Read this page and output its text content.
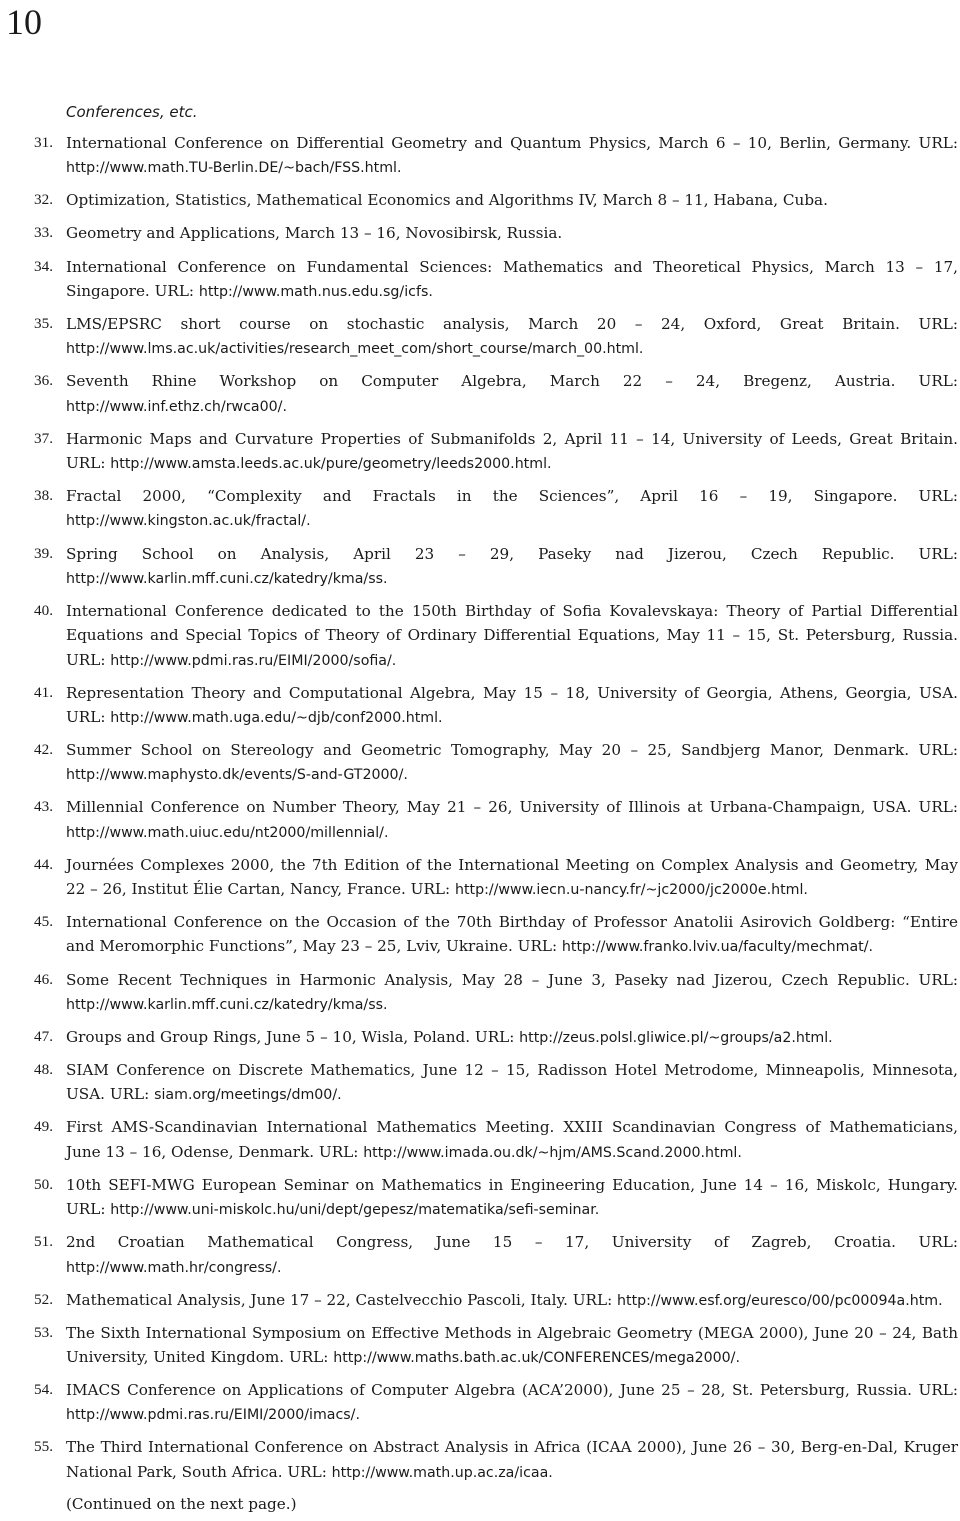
10
Conferences, etc.
31. International Conference on Differential Geometry and Quantum Physics, March 6 – 10, Berlin, Germany. URL: http://www.math.TU-Berlin.DE/~bach/FSS.html.
32. Optimization, Statistics, Mathematical Economics and Algorithms IV, March 8 – 11, Habana, Cuba.
33. Geometry and Applications, March 13 – 16, Novosibirsk, Russia.
34. International Conference on Fundamental Sciences: Mathematics and Theoretical Physics, March 13 – 17, Singapore. URL: http://www.math.nus.edu.sg/icfs.
35. LMS/EPSRC short course on stochastic analysis, March 20 – 24, Oxford, Great Britain. URL: http://www.lms.ac.uk/activities/research_meet_com/short_course/march_00.html.
36. Seventh Rhine Workshop on Computer Algebra, March 22 – 24, Bregenz, Austria. URL: http://www.inf.ethz.ch/rwca00/.
37. Harmonic Maps and Curvature Properties of Submanifolds 2, April 11 – 14, University of Leeds, Great Britain. URL: http://www.amsta.leeds.ac.uk/pure/geometry/leeds2000.html.
38. Fractal 2000, “Complexity and Fractals in the Sciences”, April 16 – 19, Singapore. URL: http://www.kingston.ac.uk/fractal/.
39. Spring School on Analysis, April 23 – 29, Paseky nad Jizerou, Czech Republic. URL: http://www.karlin.mff.cuni.cz/katedry/kma/ss.
40. International Conference dedicated to the 150th Birthday of Sofia Kovalevskaya: Theory of Partial Differential Equations and Special Topics of Theory of Ordinary Differential Equations, May 11 – 15, St. Petersburg, Russia. URL: http://www.pdmi.ras.ru/EIMI/2000/sofia/.
41. Representation Theory and Computational Algebra, May 15 – 18, University of Georgia, Athens, Georgia, USA. URL: http://www.math.uga.edu/~djb/conf2000.html.
42. Summer School on Stereology and Geometric Tomography, May 20 – 25, Sandbjerg Manor, Denmark. URL: http://www.maphysto.dk/events/S-and-GT2000/.
43. Millennial Conference on Number Theory, May 21 – 26, University of Illinois at Urbana-Champaign, USA. URL: http://www.math.uiuc.edu/nt2000/millennial/.
44. Journées Complexes 2000, the 7th Edition of the International Meeting on Complex Analysis and Geometry, May 22 – 26, Institut Élie Cartan, Nancy, France. URL: http://www.iecn.u-nancy.fr/~jc2000/jc2000e.html.
45. International Conference on the Occasion of the 70th Birthday of Professor Anatolii Asirovich Goldberg: “Entire and Meromorphic Functions”, May 23 – 25, Lviv, Ukraine. URL: http://www.franko.lviv.ua/faculty/mechmat/.
46. Some Recent Techniques in Harmonic Analysis, May 28 – June 3, Paseky nad Jizerou, Czech Republic. URL: http://www.karlin.mff.cuni.cz/katedry/kma/ss.
47. Groups and Group Rings, June 5 – 10, Wisla, Poland. URL: http://zeus.polsl.gliwice.pl/~groups/a2.html.
48. SIAM Conference on Discrete Mathematics, June 12 – 15, Radisson Hotel Metrodome, Minneapolis, Minnesota, USA. URL: siam.org/meetings/dm00/.
49. First AMS-Scandinavian International Mathematics Meeting. XXIII Scandinavian Congress of Mathematicians, June 13 – 16, Odense, Denmark. URL: http://www.imada.ou.dk/~hjm/AMS.Scand.2000.html.
50. 10th SEFI-MWG European Seminar on Mathematics in Engineering Education, June 14 – 16, Miskolc, Hungary. URL: http://www.uni-miskolc.hu/uni/dept/gepesz/matematika/sefi-seminar.
51. 2nd Croatian Mathematical Congress, June 15 – 17, University of Zagreb, Croatia. URL: http://www.math.hr/congress/.
52. Mathematical Analysis, June 17 – 22, Castelvecchio Pascoli, Italy. URL: http://www.esf.org/euresco/00/pc00094a.htm.
53. The Sixth International Symposium on Effective Methods in Algebraic Geometry (MEGA 2000), June 20 – 24, Bath University, United Kingdom. URL: http://www.maths.bath.ac.uk/CONFERENCES/mega2000/.
54. IMACS Conference on Applications of Computer Algebra (ACA’2000), June 25 – 28, St. Petersburg, Russia. URL: http://www.pdmi.ras.ru/EIMI/2000/imacs/.
55. The Third International Conference on Abstract Analysis in Africa (ICAA 2000), June 26 – 30, Berg-en-Dal, Kruger National Park, South Africa. URL: http://www.math.up.ac.za/icaa.
(Continued on the next page.)
